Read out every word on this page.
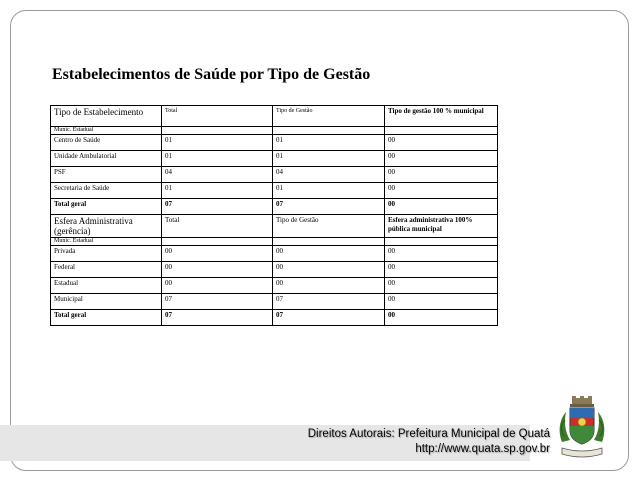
Estabelecimentos de Saúde por Tipo de Gestão
Tipo de Estabelecimento	Total	Tipo de Gestão	Tipo de gestão 100 % municipal
Munic. Estadual			
Centro de Saúde	01	01	00
Unidade Ambulatorial	01	01	00
PSF	04	04	00
Secretaria de Saúde	01	01	00
Total geral	07	07	00
Esfera Administrativa (gerência)	Total	Tipo de Gestão	Esfera administrativa 100% pública municipal
Munic. Estadual			
Privada	00	00	00
Federal	00	00	00
Estadual	00	00	00
Municipal	07	07	00
Total geral	07	07	00
Direitos Autorais: Prefeitura Municipal de Quatá
http://www.quata.sp.gov.br
